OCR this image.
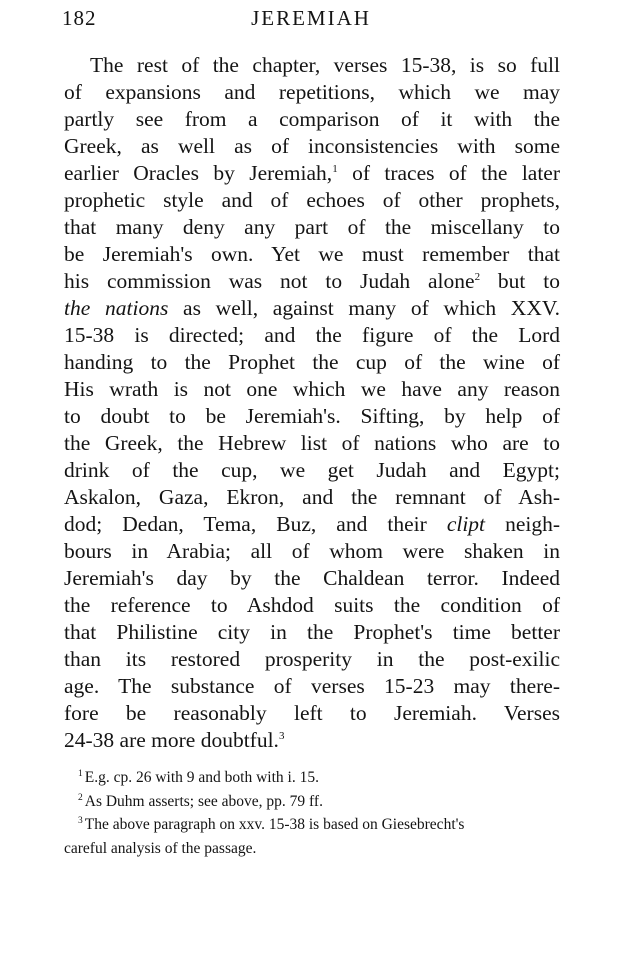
182	JEREMIAH
The rest of the chapter, verses 15-38, is so full
of expansions and repetitions, which we may
partly see from a comparison of it with the
Greek, as well as of inconsistencies with some
earlier Oracles by Jeremiah,$^1$ of traces of the later
prophetic style and of echoes of other prophets,
that many deny any part of the miscellany to
be Jeremiah's own. Yet we must remember that
his commission was not to Judah alone$^2$ but to
the nations as well, against many of which XXV.
15-38 is directed; and the figure of the Lord
handing to the Prophet the cup of the wine of
His wrath is not one which we have any reason
to doubt to be Jeremiah's. Sifting, by help of
the Greek, the Hebrew list of nations who are to
drink of the cup, we get Judah and Egypt;
Askalon, Gaza, Ekron, and the remnant of Ash-
dod; Dedan, Tema, Buz, and their clipt neigh-
bours in Arabia; all of whom were shaken in
Jeremiah's day by the Chaldean terror. Indeed
the reference to Ashdod suits the condition of
that Philistine city in the Prophet's time better
than its restored prosperity in the post-exilic
age. The substance of verses 15-23 may there-
fore be reasonably left to Jeremiah. Verses
24-38 are more doubtful.$^3$
$^1$ E.g. cp. 26 with 9 and both with i. 15.
$^2$ As Duhm asserts; see above, pp. 79 ff.
$^3$ The above paragraph on xxv. 15-38 is based on Giesebrecht's
careful analysis of the passage.
